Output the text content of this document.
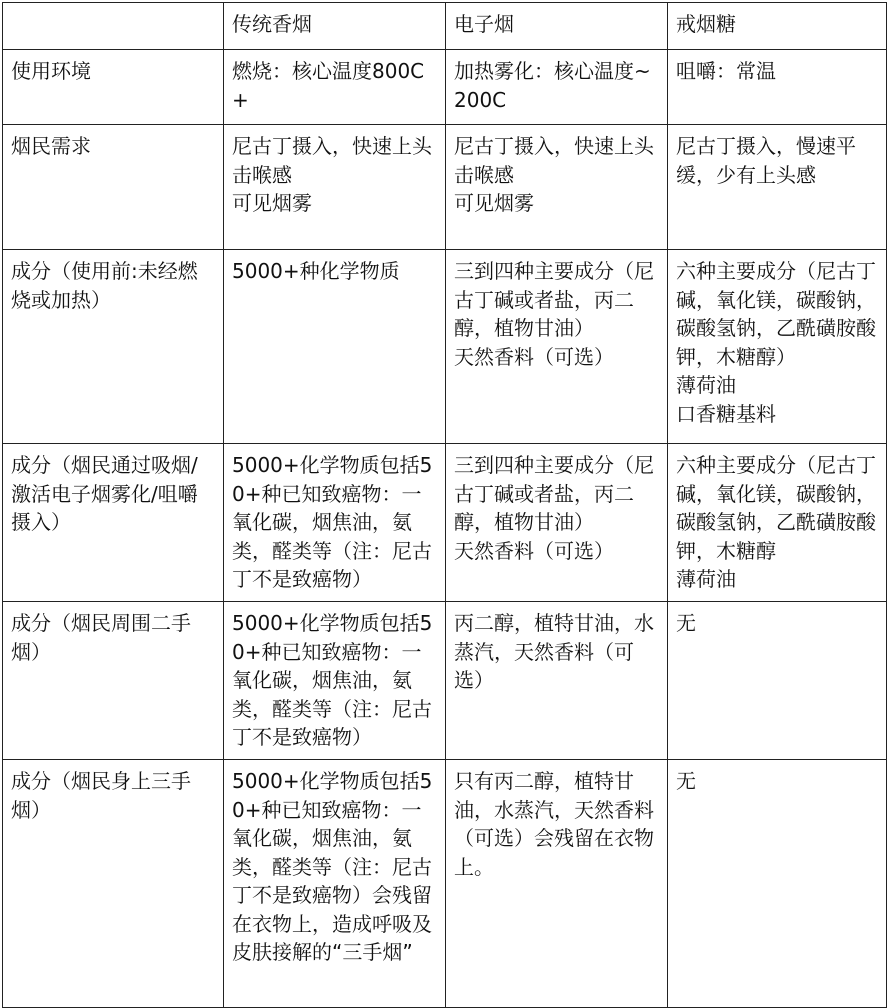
	传统香烟	电子烟	戒烟糖

使用环境	燃烧：核心温度800C+	加热雾化：核心温度~200C	咀嚼：常温

烟民需求	尼古丁摄入，快速上头
击喉感
可见烟雾	尼古丁摄入，快速上头
击喉感
可见烟雾	尼古丁摄入，慢速平缓，少有上头感

成分（使用前:未经燃烧或加热）	5000+种化学物质	三到四种主要成分（尼古丁碱或者盐，丙二醇，植物甘油）
天然香料（可选）	六种主要成分（尼古丁碱，氧化镁，碳酸钠，碳酸氢钠，乙酰磺胺酸钾，木糖醇）
薄荷油
口香糖基料

成分（烟民通过吸烟/激活电子烟雾化/咀嚼摄入）	5000+化学物质包括50+种已知致癌物：一氧化碳，烟焦油，氨类，醛类等（注：尼古丁不是致癌物）	三到四种主要成分（尼古丁碱或者盐，丙二醇，植物甘油）
天然香料（可选）	六种主要成分（尼古丁碱，氧化镁，碳酸钠，碳酸氢钠，乙酰磺胺酸钾，木糖醇
薄荷油

成分（烟民周围二手烟）	5000+化学物质包括50+种已知致癌物：一氧化碳，烟焦油，氨类，醛类等（注：尼古丁不是致癌物）	丙二醇，植特甘油，水蒸汽，天然香料（可选）	无

成分（烟民身上三手烟）	5000+化学物质包括50+种已知致癌物：一氧化碳，烟焦油，氨类，醛类等（注：尼古丁不是致癌物）会残留在衣物上，造成呼吸及皮肤接解的“三手烟”	只有丙二醇，植特甘油，水蒸汽，天然香料（可选）会残留在衣物上。	无
